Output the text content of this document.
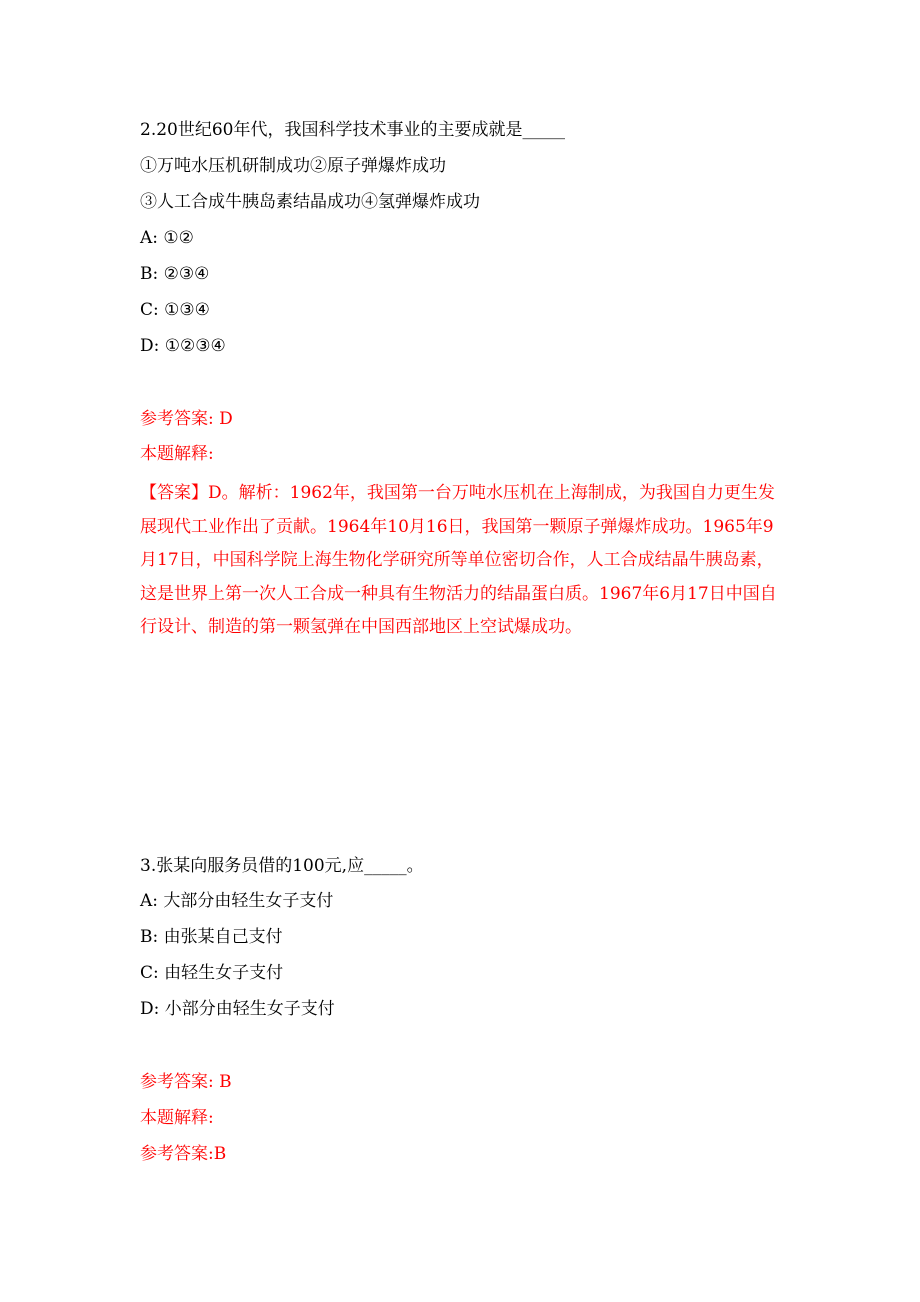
2.20世纪60年代，我国科学技术事业的主要成就是_____
①万吨水压机研制成功②原子弹爆炸成功
③人工合成牛胰岛素结晶成功④氢弹爆炸成功
A: ①②
B: ②③④
C: ①③④
D: ①②③④
参考答案: D
本题解释:
【答案】D。解析：1962年，我国第一台万吨水压机在上海制成，为我国自力更生发展现代工业作出了贡献。1964年10月16日，我国第一颗原子弹爆炸成功。1965年9月17日，中国科学院上海生物化学研究所等单位密切合作，人工合成结晶牛胰岛素，这是世界上第一次人工合成一种具有生物活力的结晶蛋白质。1967年6月17日中国自行设计、制造的第一颗氢弹在中国西部地区上空试爆成功。
3.张某向服务员借的100元,应_____。
A: 大部分由轻生女子支付
B: 由张某自己支付
C: 由轻生女子支付
D: 小部分由轻生女子支付
参考答案: B
本题解释:
参考答案:B
